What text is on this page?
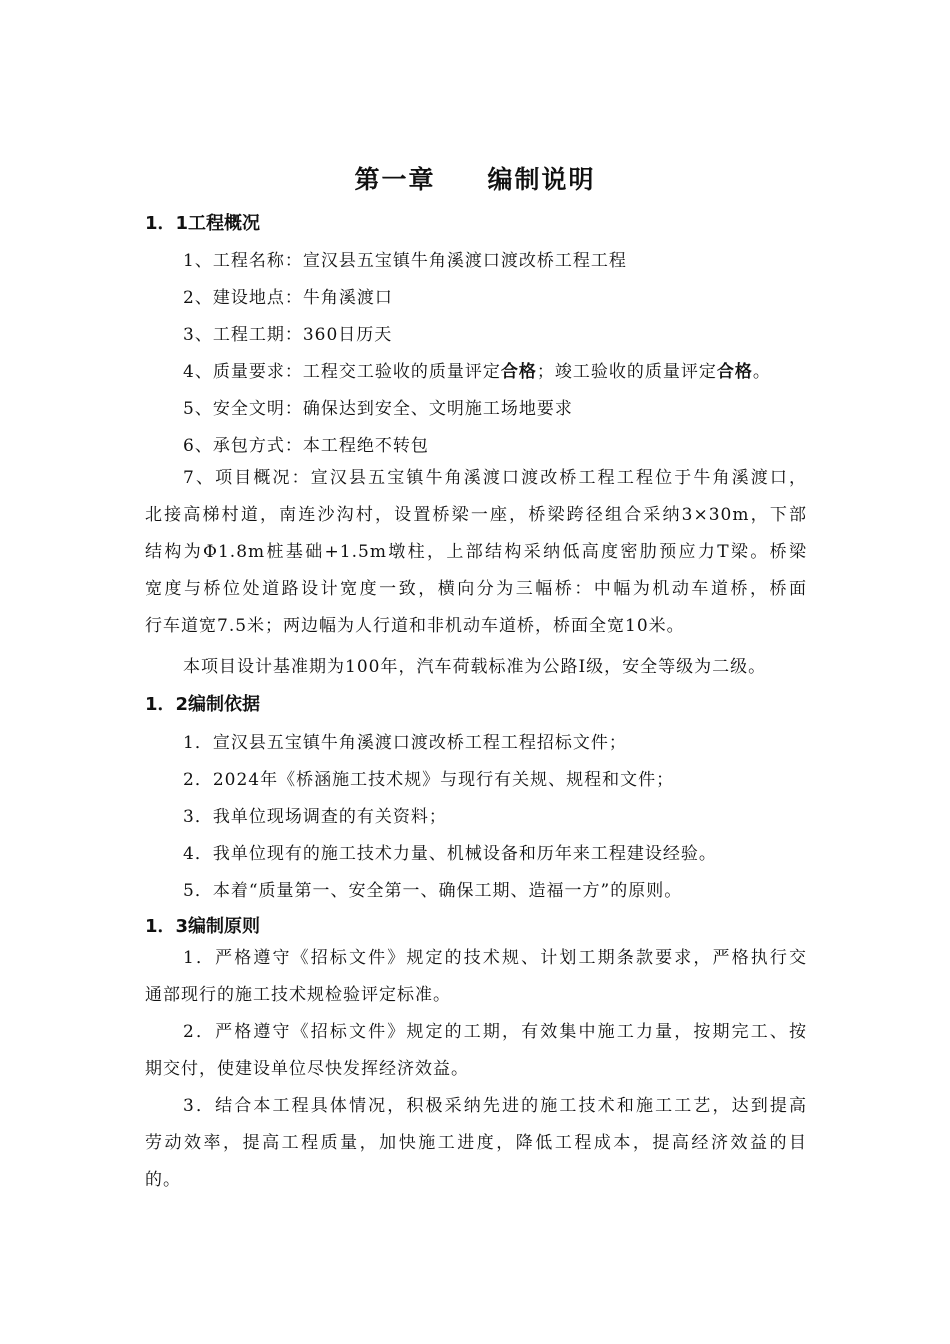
第一章 编制说明
1．1工程概况
1、工程名称：宣汉县五宝镇牛角溪渡口渡改桥工程工程
2、建设地点：牛角溪渡口
3、工程工期：360日历天
4、质量要求：工程交工验收的质量评定合格；竣工验收的质量评定合格。
5、安全文明：确保达到安全、文明施工场地要求
6、承包方式：本工程绝不转包
7、项目概况：宣汉县五宝镇牛角溪渡口渡改桥工程工程位于牛角溪渡口，
北接高梯村道，南连沙沟村，设置桥梁一座，桥梁跨径组合采纳3×30m，下部
结构为Φ1.8m桩基础+1.5m墩柱，上部结构采纳低高度密肋预应力T梁。桥梁
宽度与桥位处道路设计宽度一致，横向分为三幅桥：中幅为机动车道桥，桥面
行车道宽7.5米；两边幅为人行道和非机动车道桥，桥面全宽10米。
本项目设计基准期为100年，汽车荷载标准为公路Ⅰ级，安全等级为二级。
1．2编制依据
1．宣汉县五宝镇牛角溪渡口渡改桥工程工程招标文件；
2．2024年《桥涵施工技术规》与现行有关规、规程和文件；
3．我单位现场调查的有关资料；
4．我单位现有的施工技术力量、机械设备和历年来工程建设经验。
5．本着“质量第一、安全第一、确保工期、造福一方”的原则。
1．3编制原则
1．严格遵守《招标文件》规定的技术规、计划工期条款要求，严格执行交
通部现行的施工技术规检验评定标准。
2．严格遵守《招标文件》规定的工期，有效集中施工力量，按期完工、按
期交付，使建设单位尽快发挥经济效益。
3．结合本工程具体情况，积极采纳先进的施工技术和施工工艺，达到提高
劳动效率，提高工程质量，加快施工进度，降低工程成本，提高经济效益的目
的。
